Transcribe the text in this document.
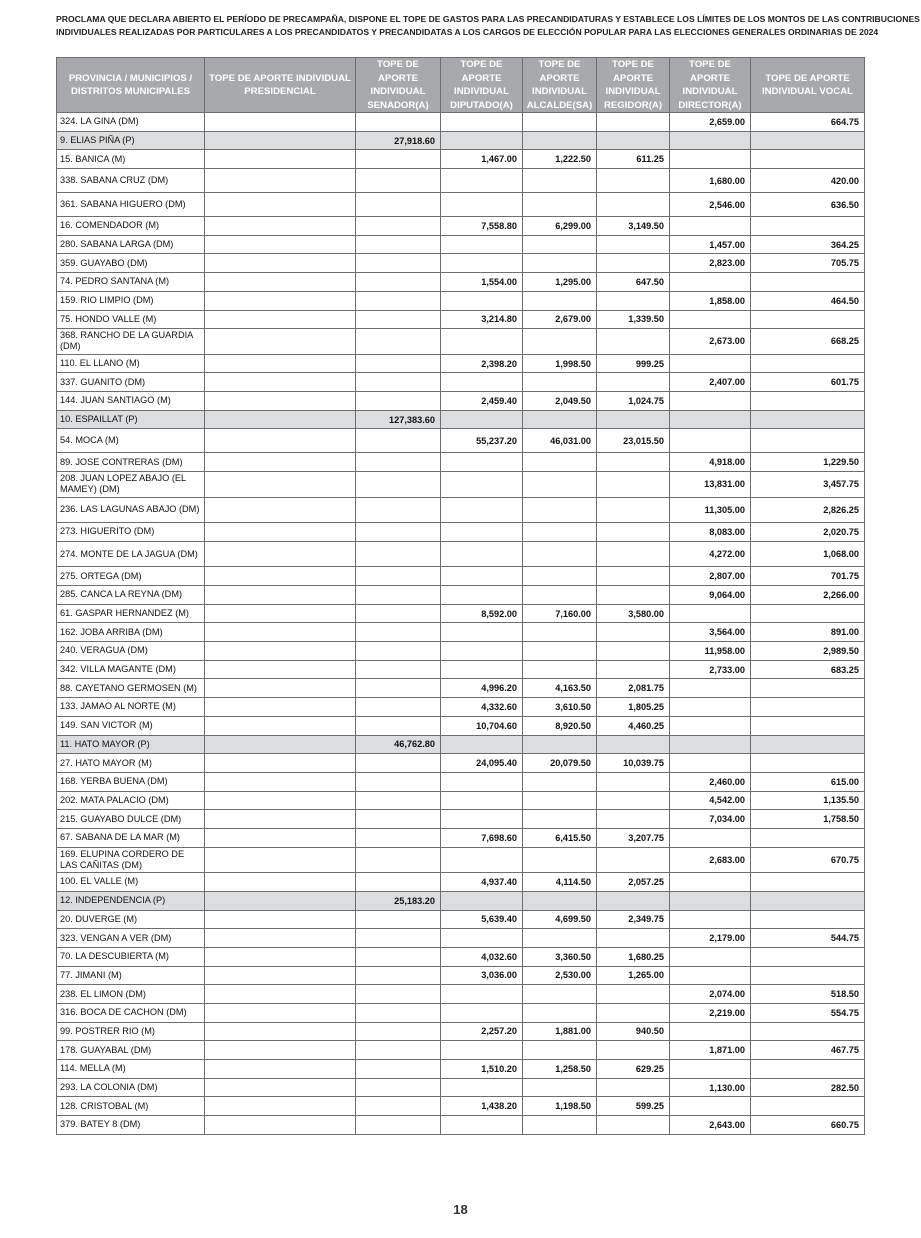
PROCLAMA QUE DECLARA ABIERTO EL PERÍODO DE PRECAMPAÑA, DISPONE EL TOPE DE GASTOS PARA LAS PRECANDIDATURAS Y ESTABLECE LOS LÍMITES DE LOS MONTOS DE LAS CONTRIBUCIONES
INDIVIDUALES REALIZADAS POR PARTICULARES A LOS PRECANDIDATOS Y PRECANDIDATAS A LOS CARGOS DE ELECCIÓN POPULAR PARA LAS ELECCIONES GENERALES ORDINARIAS DE 2024
PROVINCIA / MUNICIPIOS / DISTRITOS MUNICIPALES	TOPE DE APORTE INDIVIDUAL PRESIDENCIAL	TOPE DE APORTE INDIVIDUAL SENADOR(A)	TOPE DE APORTE INDIVIDUAL DIPUTADO(A)	TOPE DE APORTE INDIVIDUAL ALCALDE(SA)	TOPE DE APORTE INDIVIDUAL REGIDOR(A)	TOPE DE APORTE INDIVIDUAL DIRECTOR(A)	TOPE DE APORTE INDIVIDUAL VOCAL
324. LA GINA (DM)						2,659.00	664.75
9. ELIAS PIÑA (P)		27,918.60					
15. BANICA (M)			1,467.00	1,222.50	611.25		
338. SABANA CRUZ (DM)						1,680.00	420.00
361. SABANA HIGUERO (DM)						2,546.00	636.50
16. COMENDADOR (M)			7,558.80	6,299.00	3,149.50		
280. SABANA LARGA (DM)						1,457.00	364.25
359. GUAYABO (DM)						2,823.00	705.75
74. PEDRO SANTANA (M)			1,554.00	1,295.00	647.50		
159. RIO LIMPIO (DM)						1,858.00	464.50
75. HONDO VALLE (M)			3,214.80	2,679.00	1,339.50		
368. RANCHO DE LA GUARDIA (DM)						2,673.00	668.25
110. EL LLANO (M)			2,398.20	1,998.50	999.25		
337. GUANITO (DM)						2,407.00	601.75
144. JUAN SANTIAGO (M)			2,459.40	2,049.50	1,024.75		
10. ESPAILLAT (P)		127,383.60					
54. MOCA (M)			55,237.20	46,031.00	23,015.50		
89. JOSE CONTRERAS (DM)						4,918.00	1,229.50
208. JUAN LOPEZ ABAJO (EL MAMEY) (DM)						13,831.00	3,457.75
236. LAS LAGUNAS ABAJO (DM)						11,305.00	2,826.25
273. HIGUERITO (DM)						8,083.00	2,020.75
274. MONTE DE LA JAGUA (DM)						4,272.00	1,068.00
275. ORTEGA (DM)						2,807.00	701.75
285. CANCA LA REYNA (DM)						9,064.00	2,266.00
61. GASPAR HERNANDEZ (M)			8,592.00	7,160.00	3,580.00		
162. JOBA ARRIBA (DM)						3,564.00	891.00
240. VERAGUA (DM)						11,958.00	2,989.50
342. VILLA MAGANTE (DM)						2,733.00	683.25
88. CAYETANO GERMOSEN (M)			4,996.20	4,163.50	2,081.75		
133. JAMAO AL NORTE (M)			4,332.60	3,610.50	1,805.25		
149. SAN VICTOR (M)			10,704.60	8,920.50	4,460.25		
11. HATO MAYOR (P)		46,762.80					
27. HATO MAYOR (M)			24,095.40	20,079.50	10,039.75		
168. YERBA BUENA (DM)						2,460.00	615.00
202. MATA PALACIO (DM)						4,542.00	1,135.50
215. GUAYABO DULCE (DM)						7,034.00	1,758.50
67. SABANA DE LA MAR (M)			7,698.60	6,415.50	3,207.75		
169. ELUPINA CORDERO DE LAS CAÑITAS (DM)						2,683.00	670.75
100. EL VALLE (M)			4,937.40	4,114.50	2,057.25		
12. INDEPENDENCIA (P)		25,183.20					
20. DUVERGE (M)			5,639.40	4,699.50	2,349.75		
323. VENGAN A VER (DM)						2,179.00	544.75
70. LA DESCUBIERTA (M)			4,032.60	3,360.50	1,680.25		
77. JIMANI (M)			3,036.00	2,530.00	1,265.00		
238. EL LIMON (DM)						2,074.00	518.50
316. BOCA DE CACHON (DM)						2,219.00	554.75
99. POSTRER RIO (M)			2,257.20	1,881.00	940.50		
178. GUAYABAL (DM)						1,871.00	467.75
114. MELLA (M)			1,510.20	1,258.50	629.25		
293. LA COLONIA (DM)						1,130.00	282.50
128. CRISTOBAL (M)			1,438.20	1,198.50	599.25		
379. BATEY 8 (DM)						2,643.00	660.75
18
